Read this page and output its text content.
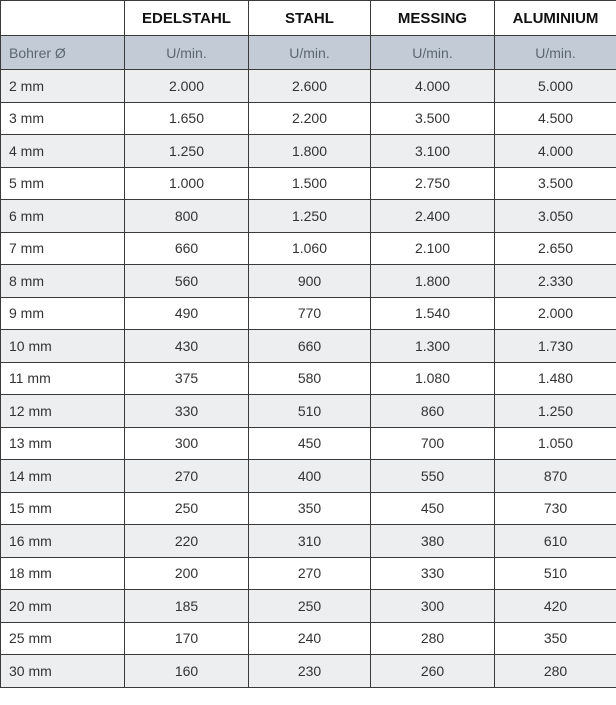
	EDELSTAHL	STAHL	MESSING	ALUMINIUM
Bohrer Ø	U/min.	U/min.	U/min.	U/min.
2 mm	2.000	2.600	4.000	5.000
3 mm	1.650	2.200	3.500	4.500
4 mm	1.250	1.800	3.100	4.000
5 mm	1.000	1.500	2.750	3.500
6 mm	800	1.250	2.400	3.050
7 mm	660	1.060	2.100	2.650
8 mm	560	900	1.800	2.330
9 mm	490	770	1.540	2.000
10 mm	430	660	1.300	1.730
11 mm	375	580	1.080	1.480
12 mm	330	510	860	1.250
13 mm	300	450	700	1.050
14 mm	270	400	550	870
15 mm	250	350	450	730
16 mm	220	310	380	610
18 mm	200	270	330	510
20 mm	185	250	300	420
25 mm	170	240	280	350
30 mm	160	230	260	280
